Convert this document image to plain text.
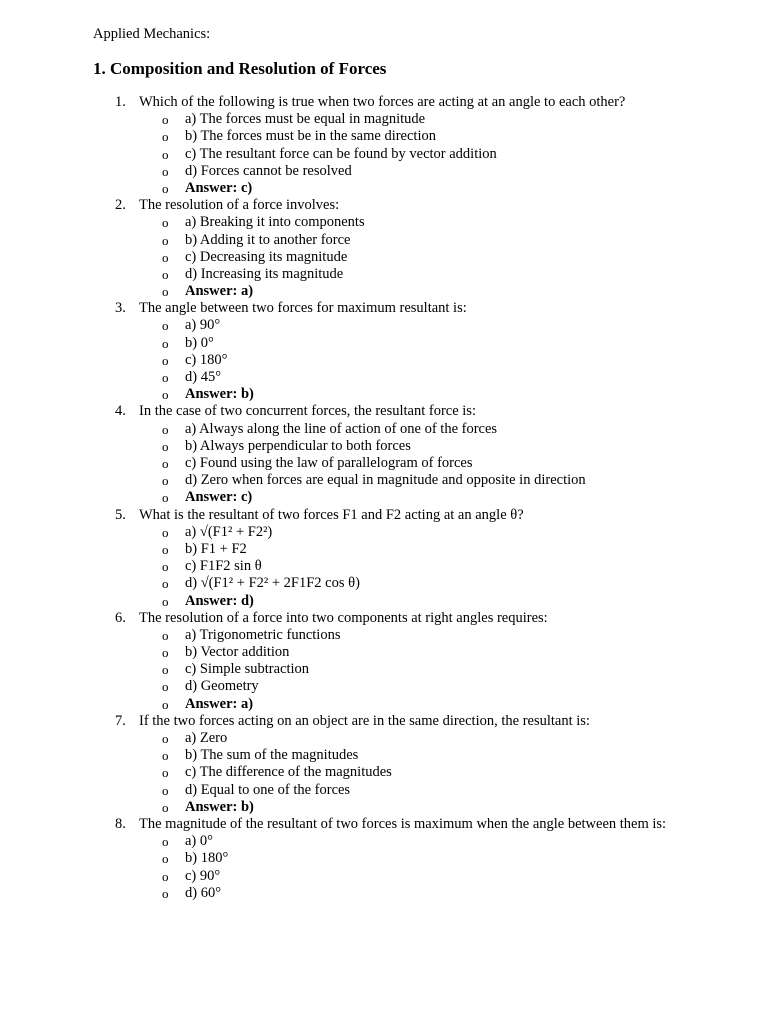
Applied Mechanics:
1. Composition and Resolution of Forces
1. Which of the following is true when two forces are acting at an angle to each other?
o a) The forces must be equal in magnitude
o b) The forces must be in the same direction
o c) The resultant force can be found by vector addition
o d) Forces cannot be resolved
o Answer: c)
2. The resolution of a force involves:
o a) Breaking it into components
o b) Adding it to another force
o c) Decreasing its magnitude
o d) Increasing its magnitude
o Answer: a)
3. The angle between two forces for maximum resultant is:
o a) 90°
o b) 0°
o c) 180°
o d) 45°
o Answer: b)
4. In the case of two concurrent forces, the resultant force is:
o a) Always along the line of action of one of the forces
o b) Always perpendicular to both forces
o c) Found using the law of parallelogram of forces
o d) Zero when forces are equal in magnitude and opposite in direction
o Answer: c)
5. What is the resultant of two forces F1 and F2 acting at an angle θ?
o a) √(F1² + F2²)
o b) F1 + F2
o c) F1F2 sin θ
o d) √(F1² + F2² + 2F1F2 cos θ)
o Answer: d)
6. The resolution of a force into two components at right angles requires:
o a) Trigonometric functions
o b) Vector addition
o c) Simple subtraction
o d) Geometry
o Answer: a)
7. If the two forces acting on an object are in the same direction, the resultant is:
o a) Zero
o b) The sum of the magnitudes
o c) The difference of the magnitudes
o d) Equal to one of the forces
o Answer: b)
8. The magnitude of the resultant of two forces is maximum when the angle between them is:
o a) 0°
o b) 180°
o c) 90°
o d) 60°
